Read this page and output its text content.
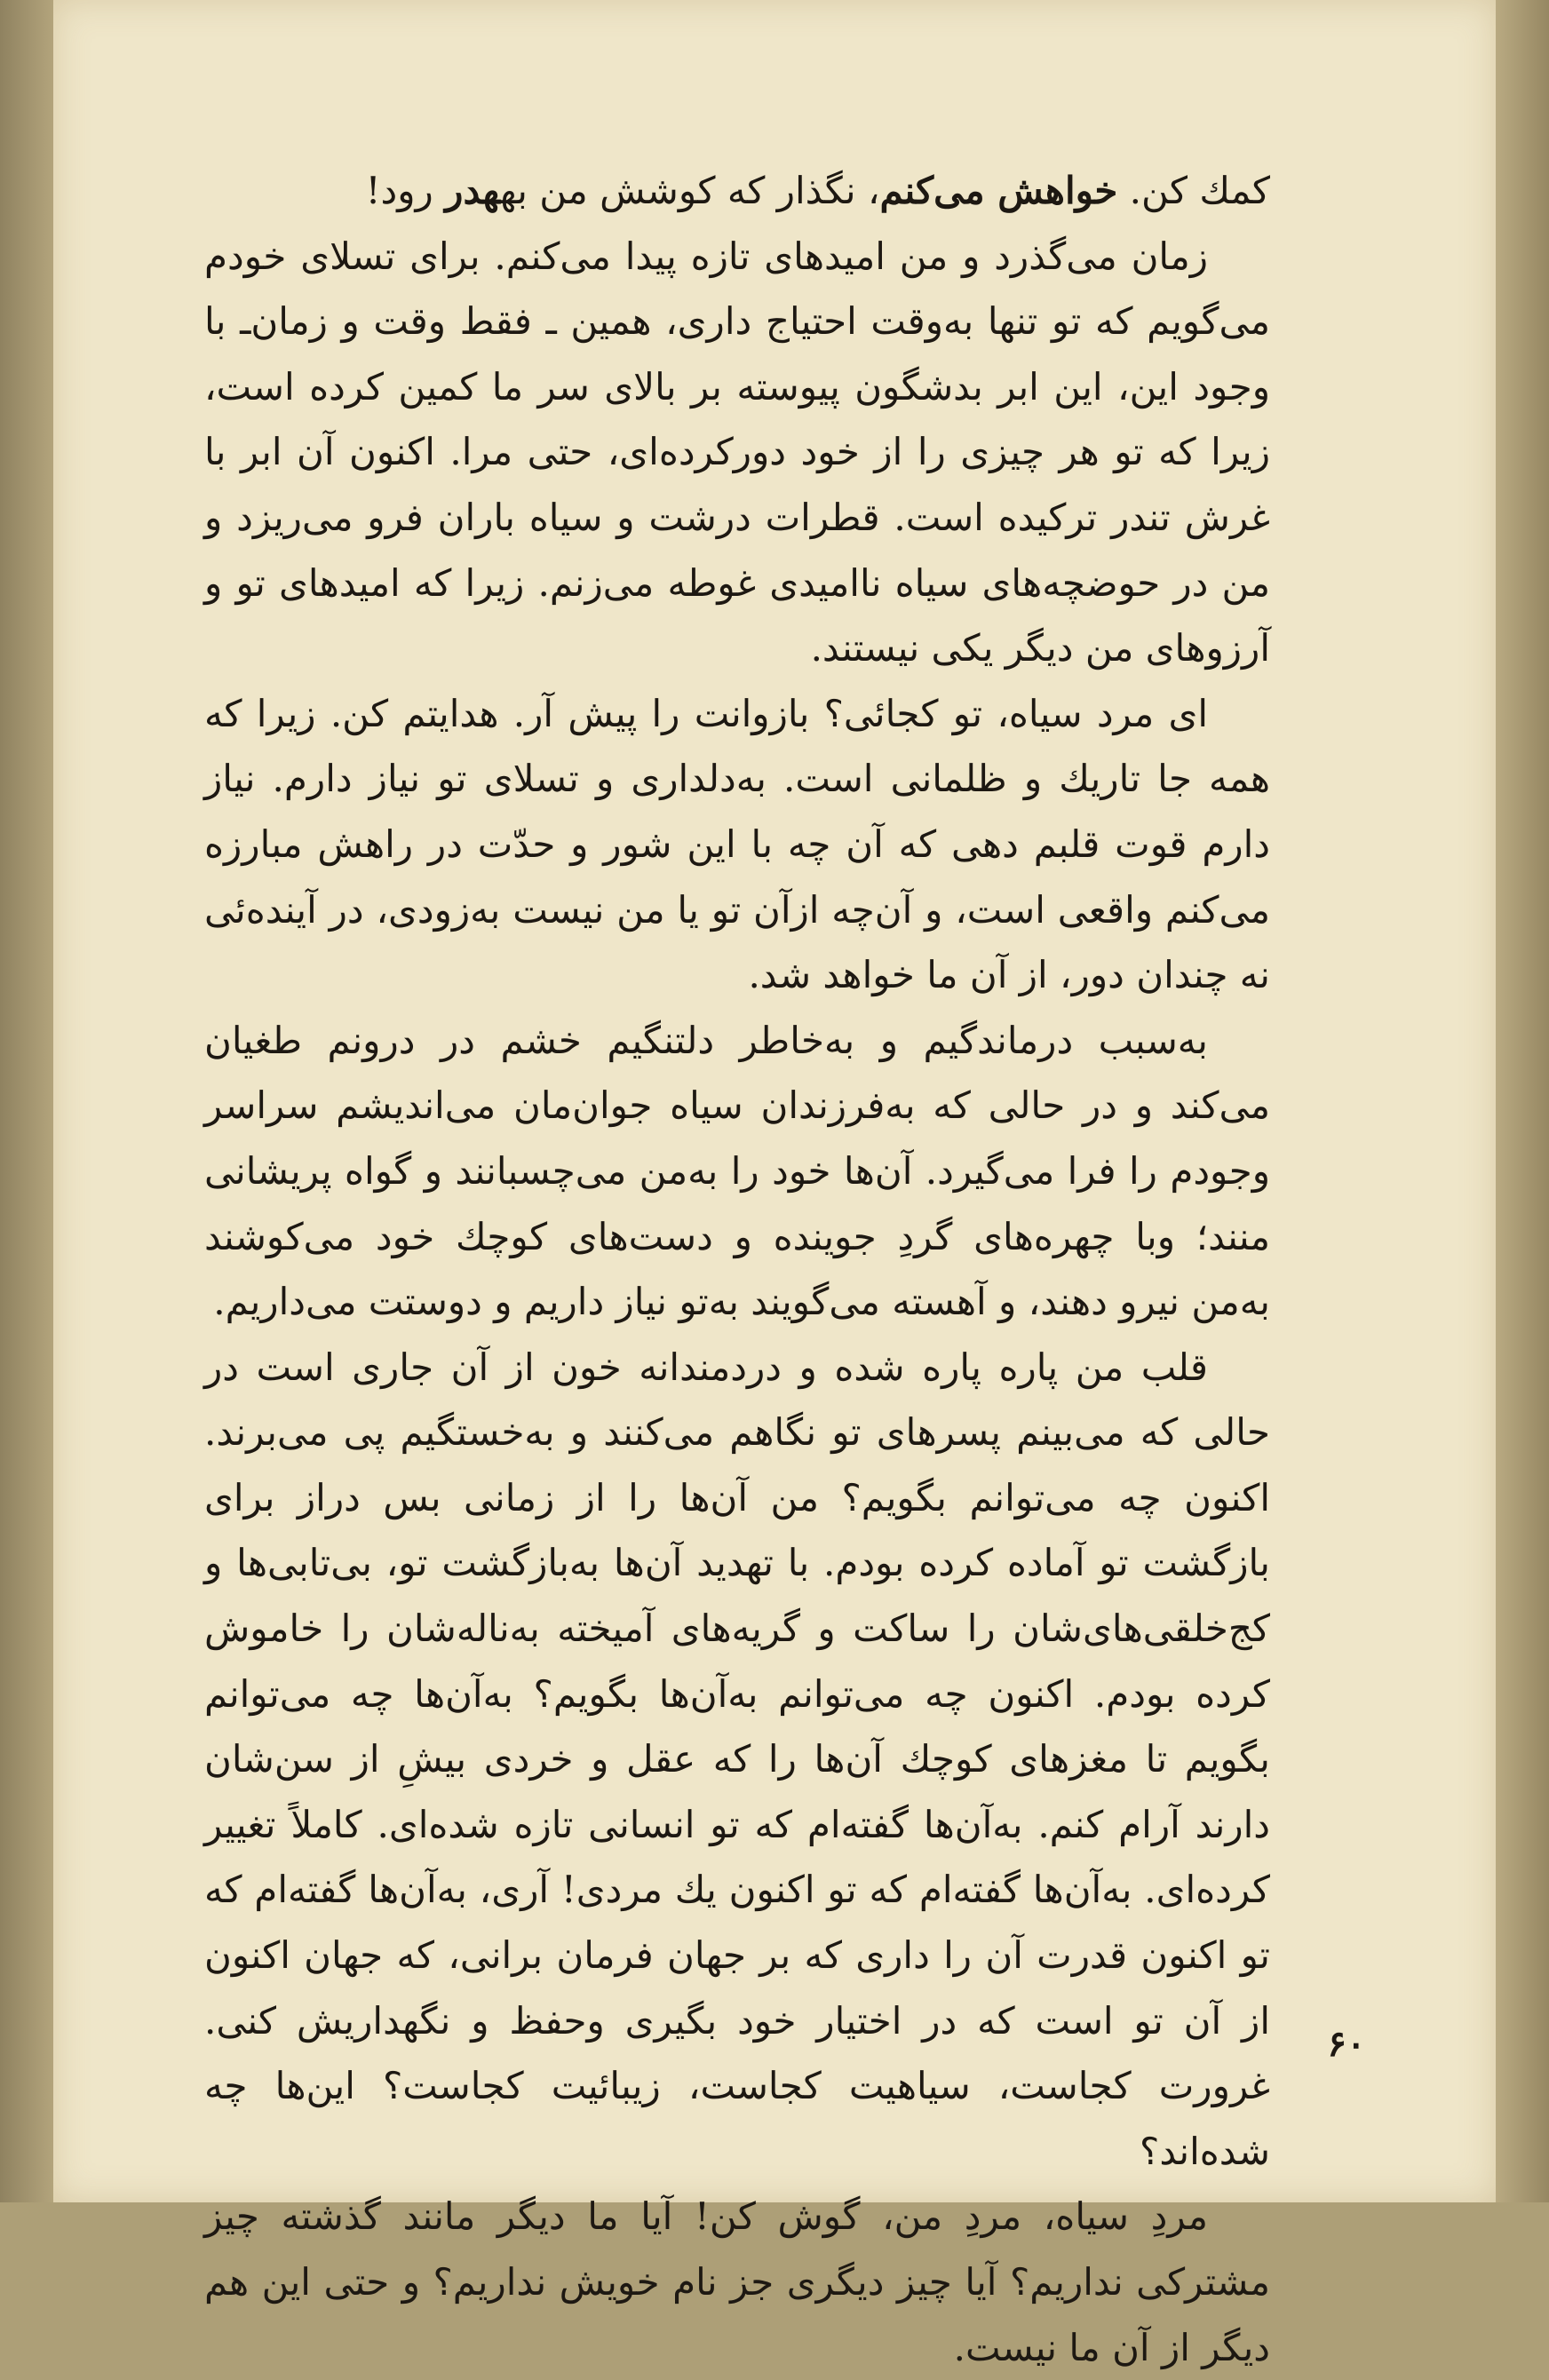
کمك کن. خواهش می‌کنم، نگذار که کوشش من بههدر رود!

زمان می‌گذرد و من امیدهای تازه پیدا می‌کنم. برای تسلای خودم می‌گویم که تو تنها به‌وقت احتیاج داری، همین ـ فقط وقت و زمان‌ـ با وجود این، این ابر بدشگون پیوسته بر بالای سر ما کمین کرده است، زیرا که تو هر چیزی را از خود دورکرده‌ای، حتی مرا. اکنون آن ابر با غرش تندر ترکیده است. قطرات درشت و سیاه باران فرو می‌ریزد و من در حوضچه‌های سیاه نا‌امیدی غوطه می‌زنم. زیرا که امیدهای تو و آرزوهای من دیگر یکی نیستند.

ای مرد سیاه، تو کجائی؟ بازوانت را پیش آر. هدایتم کن. زیرا که همه جا تاریك و ظلمانی است. به‌دلداری و تسلای تو نیاز دارم. نیاز دارم قوت قلبم دهی که آن چه با این شور و حدّت در راهش مبارزه می‌کنم واقعی است، و آن‌چه ازآن تو یا من نیست به‌زودی، در آینده‌ئی نه چندان دور، از آن ما خواهد شد.

به‌سبب درماندگیم و به‌خاطر دلتنگیم خشم در درونم طغیان می‌کند و در حالی که به‌فرزندان سیاه جوان‌مان می‌اندیشم سراسر وجودم را فرا می‌گیرد. آن‌ها خود را به‌من می‌چسبانند و گواه پریشانی منند؛ وبا چهره‌های گردِ جوینده و دست‌های کوچك خود می‌کوشند به‌من نیرو دهند، و آهسته می‌گویند به‌تو نیاز داریم و دوستت می‌داریم.

قلب من پاره پاره شده و دردمندانه خون از آن جاری است در حالی که می‌بینم پسرهای تو نگاهم می‌کنند و به‌خستگیم پی می‌برند. اکنون چه می‌توانم بگویم؟ من آن‌ها را از زمانی بس دراز برای بازگشت تو آماده کرده بودم. با تهدید آن‌ها به‌بازگشت تو، بی‌تابی‌ها و کج‌خلقی‌های‌شان را ساکت و گریه‌های آمیخته به‌ناله‌شان را خاموش کرده بودم. اکنون چه می‌توانم به‌آن‌ها بگویم؟ به‌آن‌ها چه می‌توانم بگویم تا مغزهای کوچك آن‌ها را که عقل و خردی بیشِ از سن‌شان دارند آرام کنم. به‌آن‌ها گفته‌ام که تو انسانی تازه شده‌ای. کاملاً تغییر کرده‌ای. به‌آن‌ها گفته‌ام که تو اکنون یك مردی! آری، به‌آن‌ها گفته‌ام که تو اکنون قدرت آن را داری که بر جهان فرمان برانی، که جهان اکنون از آن تو است که در اختیار خود بگیری وحفظ و نگهداریش کنی. غرورت کجاست، سیاهیت کجاست، زیبائیت کجاست؟ این‌ها چه شده‌اند؟

مردِ سیاه، مردِ من، گوش کن! آیا ما دیگر مانند گذشته چیز مشترکی نداریم؟ آیا چیز دیگری جز نام خویش نداریم؟ و حتی این هم دیگر از آن ما نیست.

۶۰
